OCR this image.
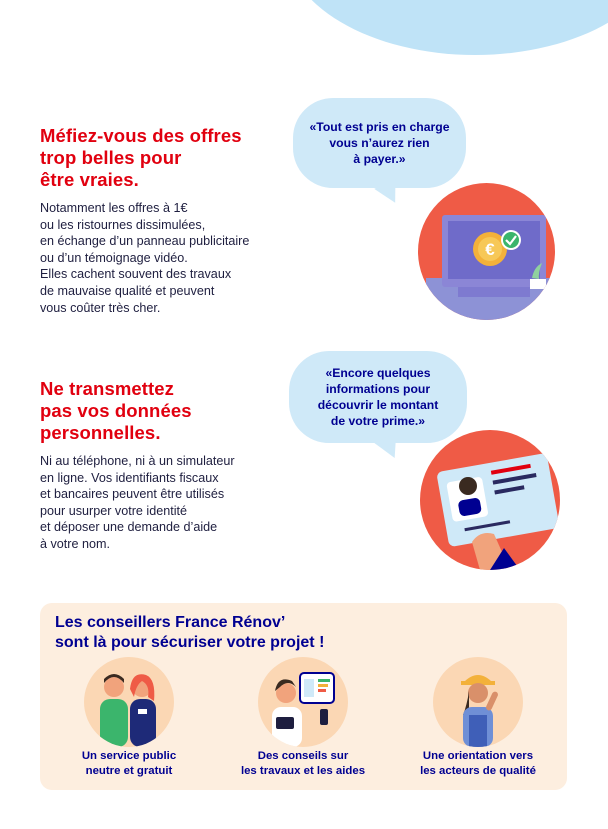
Méfiez-vous des offres
trop belles pour
être vraies.
Notamment les offres à 1€
ou les ristournes dissimulées,
en échange d’un panneau publicitaire
ou d’un témoignage vidéo.
Elles cachent souvent des travaux
de mauvaise qualité et peuvent
vous coûter très cher.
«Tout est pris en charge
vous n’aurez rien
à payer.»
€
Ne transmettez
pas vos données
personnelles.
Ni au téléphone, ni à un simulateur
en ligne. Vos identifiants fiscaux
et bancaires peuvent être utilisés
pour usurper votre identité
et déposer une demande d’aide
à votre nom.
«Encore quelques
informations pour
découvrir le montant
de votre prime.»
Les conseillers France Rénov’
sont là pour sécuriser votre projet !
Un service public
neutre et gratuit
Des conseils sur
les travaux et les aides
Une orientation vers
les acteurs de qualité
